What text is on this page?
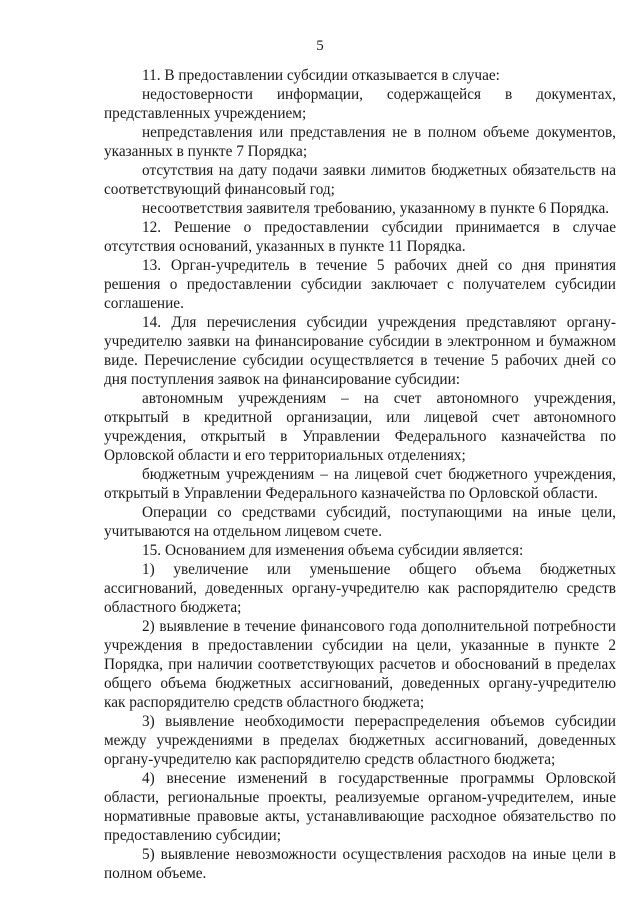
5

11. В предоставлении субсидии отказывается в случае:

недостоверности информации, содержащейся в документах, представленных учреждением;

непредставления или представления не в полном объеме документов, указанных в пункте 7 Порядка;

отсутствия на дату подачи заявки лимитов бюджетных обязательств на соответствующий финансовый год;

несоответствия заявителя требованию, указанному в пункте 6 Порядка.

12. Решение о предоставлении субсидии принимается в случае отсутствия оснований, указанных в пункте 11 Порядка.

13. Орган-учредитель в течение 5 рабочих дней со дня принятия решения о предоставлении субсидии заключает с получателем субсидии соглашение.

14. Для перечисления субсидии учреждения представляют органу-учредителю заявки на финансирование субсидии в электронном и бумажном виде. Перечисление субсидии осуществляется в течение 5 рабочих дней со дня поступления заявок на финансирование субсидии:

автономным учреждениям – на счет автономного учреждения, открытый в кредитной организации, или лицевой счет автономного учреждения, открытый в Управлении Федерального казначейства по Орловской области и его территориальных отделениях;

бюджетным учреждениям – на лицевой счет бюджетного учреждения, открытый в Управлении Федерального казначейства по Орловской области.

Операции со средствами субсидий, поступающими на иные цели, учитываются на отдельном лицевом счете.

15. Основанием для изменения объема субсидии является:

1) увеличение или уменьшение общего объема бюджетных ассигнований, доведенных органу-учредителю как распорядителю средств областного бюджета;

2) выявление в течение финансового года дополнительной потребности учреждения в предоставлении субсидии на цели, указанные в пункте 2 Порядка, при наличии соответствующих расчетов и обоснований в пределах общего объема бюджетных ассигнований, доведенных органу-учредителю как распорядителю средств областного бюджета;

3) выявление необходимости перераспределения объемов субсидии между учреждениями в пределах бюджетных ассигнований, доведенных органу-учредителю как распорядителю средств областного бюджета;

4) внесение изменений в государственные программы Орловской области, региональные проекты, реализуемые органом-учредителем, иные нормативные правовые акты, устанавливающие расходное обязательство по предоставлению субсидии;

5) выявление невозможности осуществления расходов на иные цели в полном объеме.
